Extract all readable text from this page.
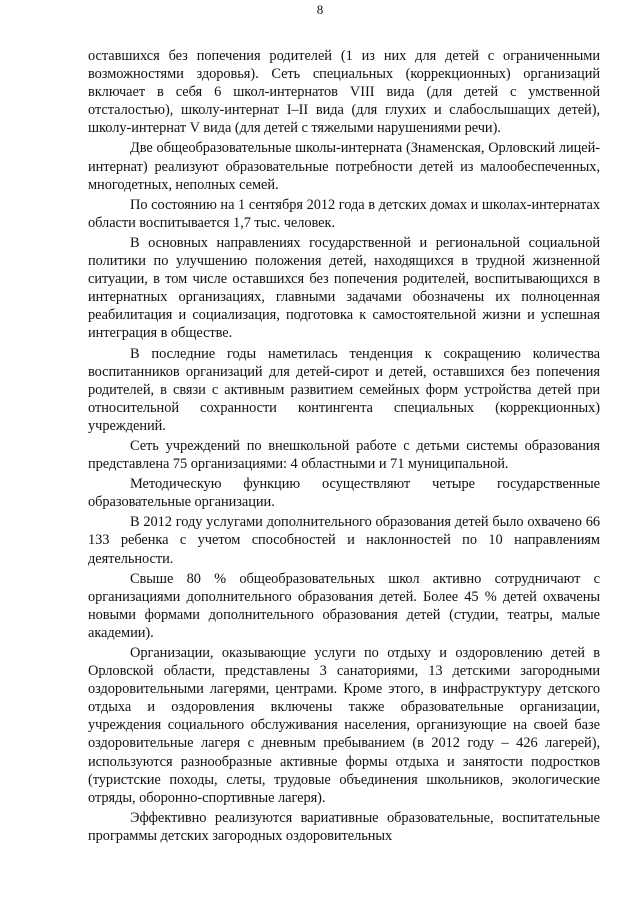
8

оставшихся без попечения родителей (1 из них для детей с ограниченными возможностями здоровья). Сеть специальных (коррекционных) организаций включает в себя 6 школ-интернатов VIII вида (для детей с умственной отсталостью), школу-интернат I–II вида (для глухих и слабослышащих детей), школу-интернат V вида (для детей с тяжелыми нарушениями речи).

Две общеобразовательные школы-интерната (Знаменская, Орловский лицей-интернат) реализуют образовательные потребности детей из малообеспеченных, многодетных, неполных семей.

По состоянию на 1 сентября 2012 года в детских домах и школах-интернатах области воспитывается 1,7 тыс. человек.

В основных направлениях государственной и региональной социальной политики по улучшению положения детей, находящихся в трудной жизненной ситуации, в том числе оставшихся без попечения родителей, воспитывающихся в интернатных организациях, главными задачами обозначены их полноценная реабилитация и социализация, подготовка к самостоятельной жизни и успешная интеграция в обществе.

В последние годы наметилась тенденция к сокращению количества воспитанников организаций для детей-сирот и детей, оставшихся без попечения родителей, в связи с активным развитием семейных форм устройства детей при относительной сохранности контингента специальных (коррекционных) учреждений.

Сеть учреждений по внешкольной работе с детьми системы образования представлена 75 организациями: 4 областными и 71 муниципальной.

Методическую функцию осуществляют четыре государственные образовательные организации.

В 2012 году услугами дополнительного образования детей было охвачено 66 133 ребенка с учетом способностей и наклонностей по 10 направлениям деятельности.

Свыше 80 % общеобразовательных школ активно сотрудничают с организациями дополнительного образования детей. Более 45 % детей охвачены новыми формами дополнительного образования детей (студии, театры, малые академии).

Организации, оказывающие услуги по отдыху и оздоровлению детей в Орловской области, представлены 3 санаториями, 13 детскими загородными оздоровительными лагерями, центрами. Кроме этого, в инфраструктуру детского отдыха и оздоровления включены также образовательные организации, учреждения социального обслуживания населения, организующие на своей базе оздоровительные лагеря с дневным пребыванием (в 2012 году – 426 лагерей), используются разнообразные активные формы отдыха и занятости подростков (туристские походы, слеты, трудовые объединения школьников, экологические отряды, оборонно-спортивные лагеря).

Эффективно реализуются вариативные образовательные, воспитательные программы детских загородных оздоровительных
